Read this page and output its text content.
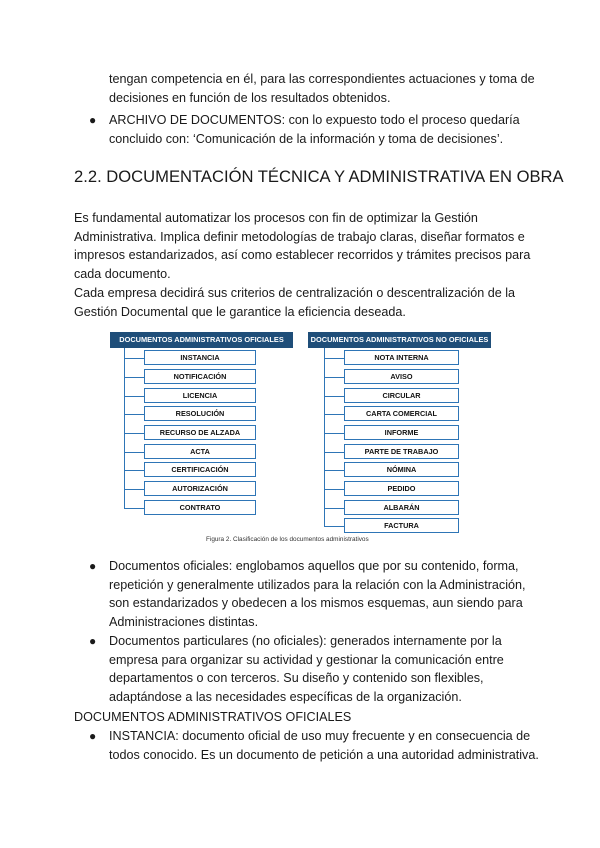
tengan competencia en él, para las correspondientes actuaciones y toma de
decisiones en función de los resultados obtenidos.
● ARCHIVO DE DOCUMENTOS: con lo expuesto todo el proceso quedaría
concluido con: ‘Comunicación de la información y toma de decisiones’.
2.2. DOCUMENTACIÓN TÉCNICA Y ADMINISTRATIVA EN OBRA
Es fundamental automatizar los procesos con fin de optimizar la Gestión
Administrativa. Implica definir metodologías de trabajo claras, diseñar formatos e
impresos estandarizados, así como establecer recorridos y trámites precisos para
cada documento.
Cada empresa decidirá sus criterios de centralización o descentralización de la
Gestión Documental que le garantice la eficiencia deseada.
DOCUMENTOS ADMINISTRATIVOS OFICIALES
INSTANCIA
NOTIFICACIÓN
LICENCIA
RESOLUCIÓN
RECURSO DE ALZADA
ACTA
CERTIFICACIÓN
AUTORIZACIÓN
CONTRATO
DOCUMENTOS ADMINISTRATIVOS NO OFICIALES
NOTA INTERNA
AVISO
CIRCULAR
CARTA COMERCIAL
INFORME
PARTE DE TRABAJO
NÓMINA
PEDIDO
ALBARÁN
FACTURA
Figura 2. Clasificación de los documentos administrativos
● Documentos oficiales: englobamos aquellos que por su contenido, forma,
repetición y generalmente utilizados para la relación con la Administración,
son estandarizados y obedecen a los mismos esquemas, aun siendo para
Administraciones distintas.
● Documentos particulares (no oficiales): generados internamente por la
empresa para organizar su actividad y gestionar la comunicación entre
departamentos o con terceros. Su diseño y contenido son flexibles,
adaptándose a las necesidades específicas de la organización.
DOCUMENTOS ADMINISTRATIVOS OFICIALES
● INSTANCIA: documento oficial de uso muy frecuente y en consecuencia de
todos conocido. Es un documento de petición a una autoridad administrativa.
